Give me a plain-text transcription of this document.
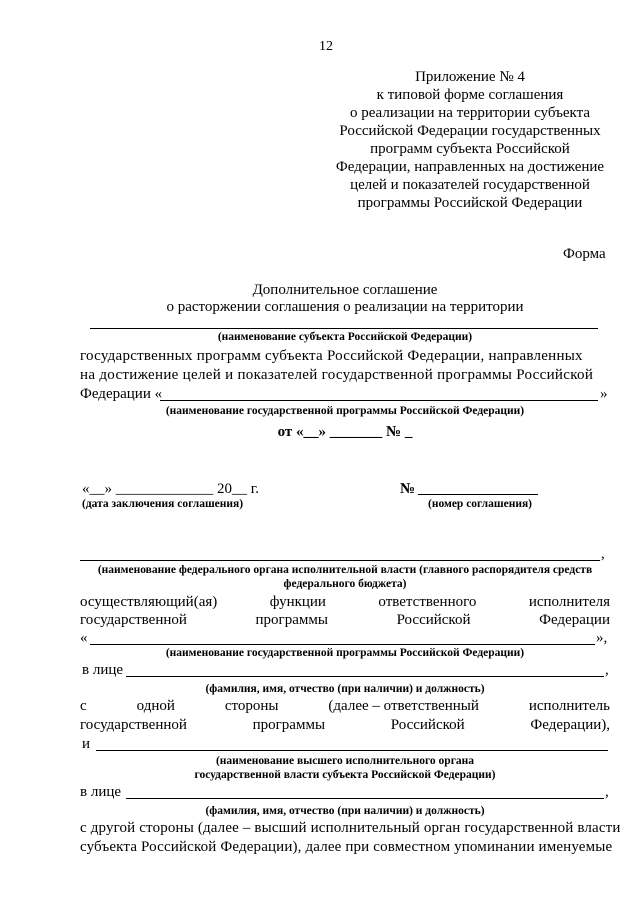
12
Приложение № 4
к типовой форме соглашения
о реализации на территории субъекта
Российской Федерации государственных
программ субъекта Российской
Федерации, направленных на достижение
целей и показателей государственной
программы Российской Федерации
Форма
Дополнительное соглашение
о расторжении соглашения о реализации на территории
(наименование субъекта Российской Федерации)
государственных программ субъекта Российской Федерации, направленных
на достижение целей и показателей государственной программы Российской
Федерации «	»
(наименование государственной программы Российской Федерации)
от «__» _______ № _
«__» _____________ 20__ г.
(дата заключения соглашения)
№
(номер соглашения)
,
(наименование федерального органа исполнительной власти (главного распорядителя средств
федерального бюджета)
осуществляющий(ая)	функции	ответственного	исполнителя
государственной	программы	Российской	Федерации
«	»,
(наименование государственной программы Российской Федерации)
в лице	,
(фамилия, имя, отчество (при наличии) и должность)
с	одной	стороны	(далее – ответственный	исполнитель
государственной	программы	Российской	Федерации),
и
(наименование высшего исполнительного органа
государственной власти субъекта Российской Федерации)
в лице	,
(фамилия, имя, отчество (при наличии) и должность)
с другой стороны (далее – высший исполнительный орган государственной власти
субъекта Российской Федерации), далее при совместном упоминании именуемые
